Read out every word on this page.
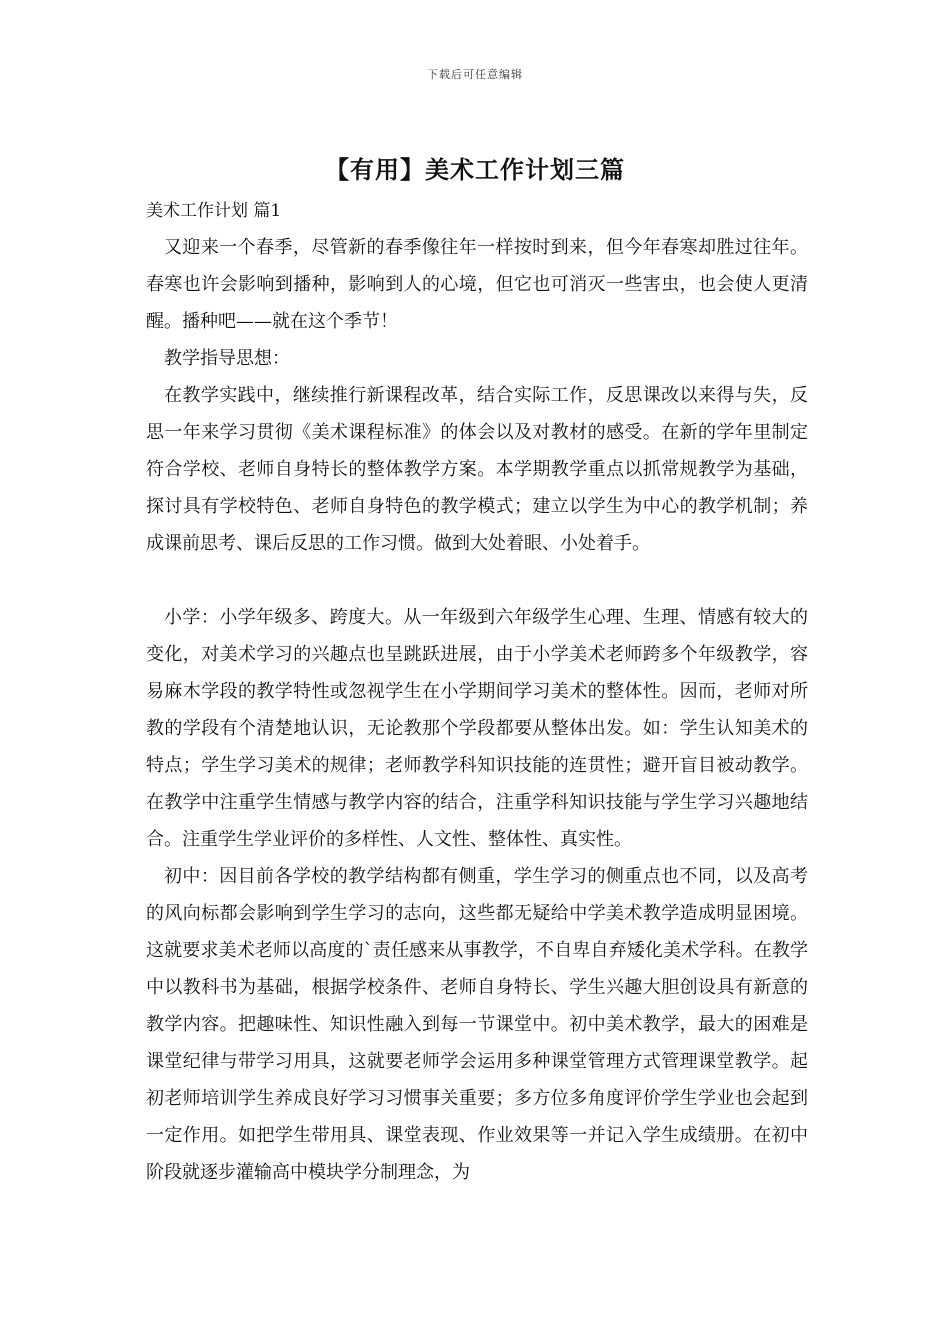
下载后可任意编辑
【有用】美术工作计划三篇

美术工作计划 篇1

又迎来一个春季，尽管新的春季像往年一样按时到来，但今年春寒却胜过往年。春寒也许会影响到播种，影响到人的心境，但它也可消灭一些害虫，也会使人更清醒。播种吧——就在这个季节！

教学指导思想：

在教学实践中，继续推行新课程改革，结合实际工作，反思课改以来得与失，反思一年来学习贯彻《美术课程标准》的体会以及对教材的感受。在新的学年里制定符合学校、老师自身特长的整体教学方案。本学期教学重点以抓常规教学为基础，探讨具有学校特色、老师自身特色的教学模式；建立以学生为中心的教学机制；养成课前思考、课后反思的工作习惯。做到大处着眼、小处着手。

小学：小学年级多、跨度大。从一年级到六年级学生心理、生理、情感有较大的变化，对美术学习的兴趣点也呈跳跃进展，由于小学美术老师跨多个年级教学，容易麻木学段的教学特性或忽视学生在小学期间学习美术的整体性。因而，老师对所教的学段有个清楚地认识，无论教那个学段都要从整体出发。如：学生认知美术的特点；学生学习美术的规律；老师教学科知识技能的连贯性；避开盲目被动教学。在教学中注重学生情感与教学内容的结合，注重学科知识技能与学生学习兴趣地结合。注重学生学业评价的多样性、人文性、整体性、真实性。

初中：因目前各学校的教学结构都有侧重，学生学习的侧重点也不同，以及高考的风向标都会影响到学生学习的志向，这些都无疑给中学美术教学造成明显困境。这就要求美术老师以高度的`责任感来从事教学，不自卑自弃矮化美术学科。在教学中以教科书为基础，根据学校条件、老师自身特长、学生兴趣大胆创设具有新意的教学内容。把趣味性、知识性融入到每一节课堂中。初中美术教学，最大的困难是课堂纪律与带学习用具，这就要老师学会运用多种课堂管理方式管理课堂教学。起初老师培训学生养成良好学习习惯事关重要；多方位多角度评价学生学业也会起到一定作用。如把学生带用具、课堂表现、作业效果等一并记入学生成绩册。在初中阶段就逐步灌输高中模块学分制理念，为
